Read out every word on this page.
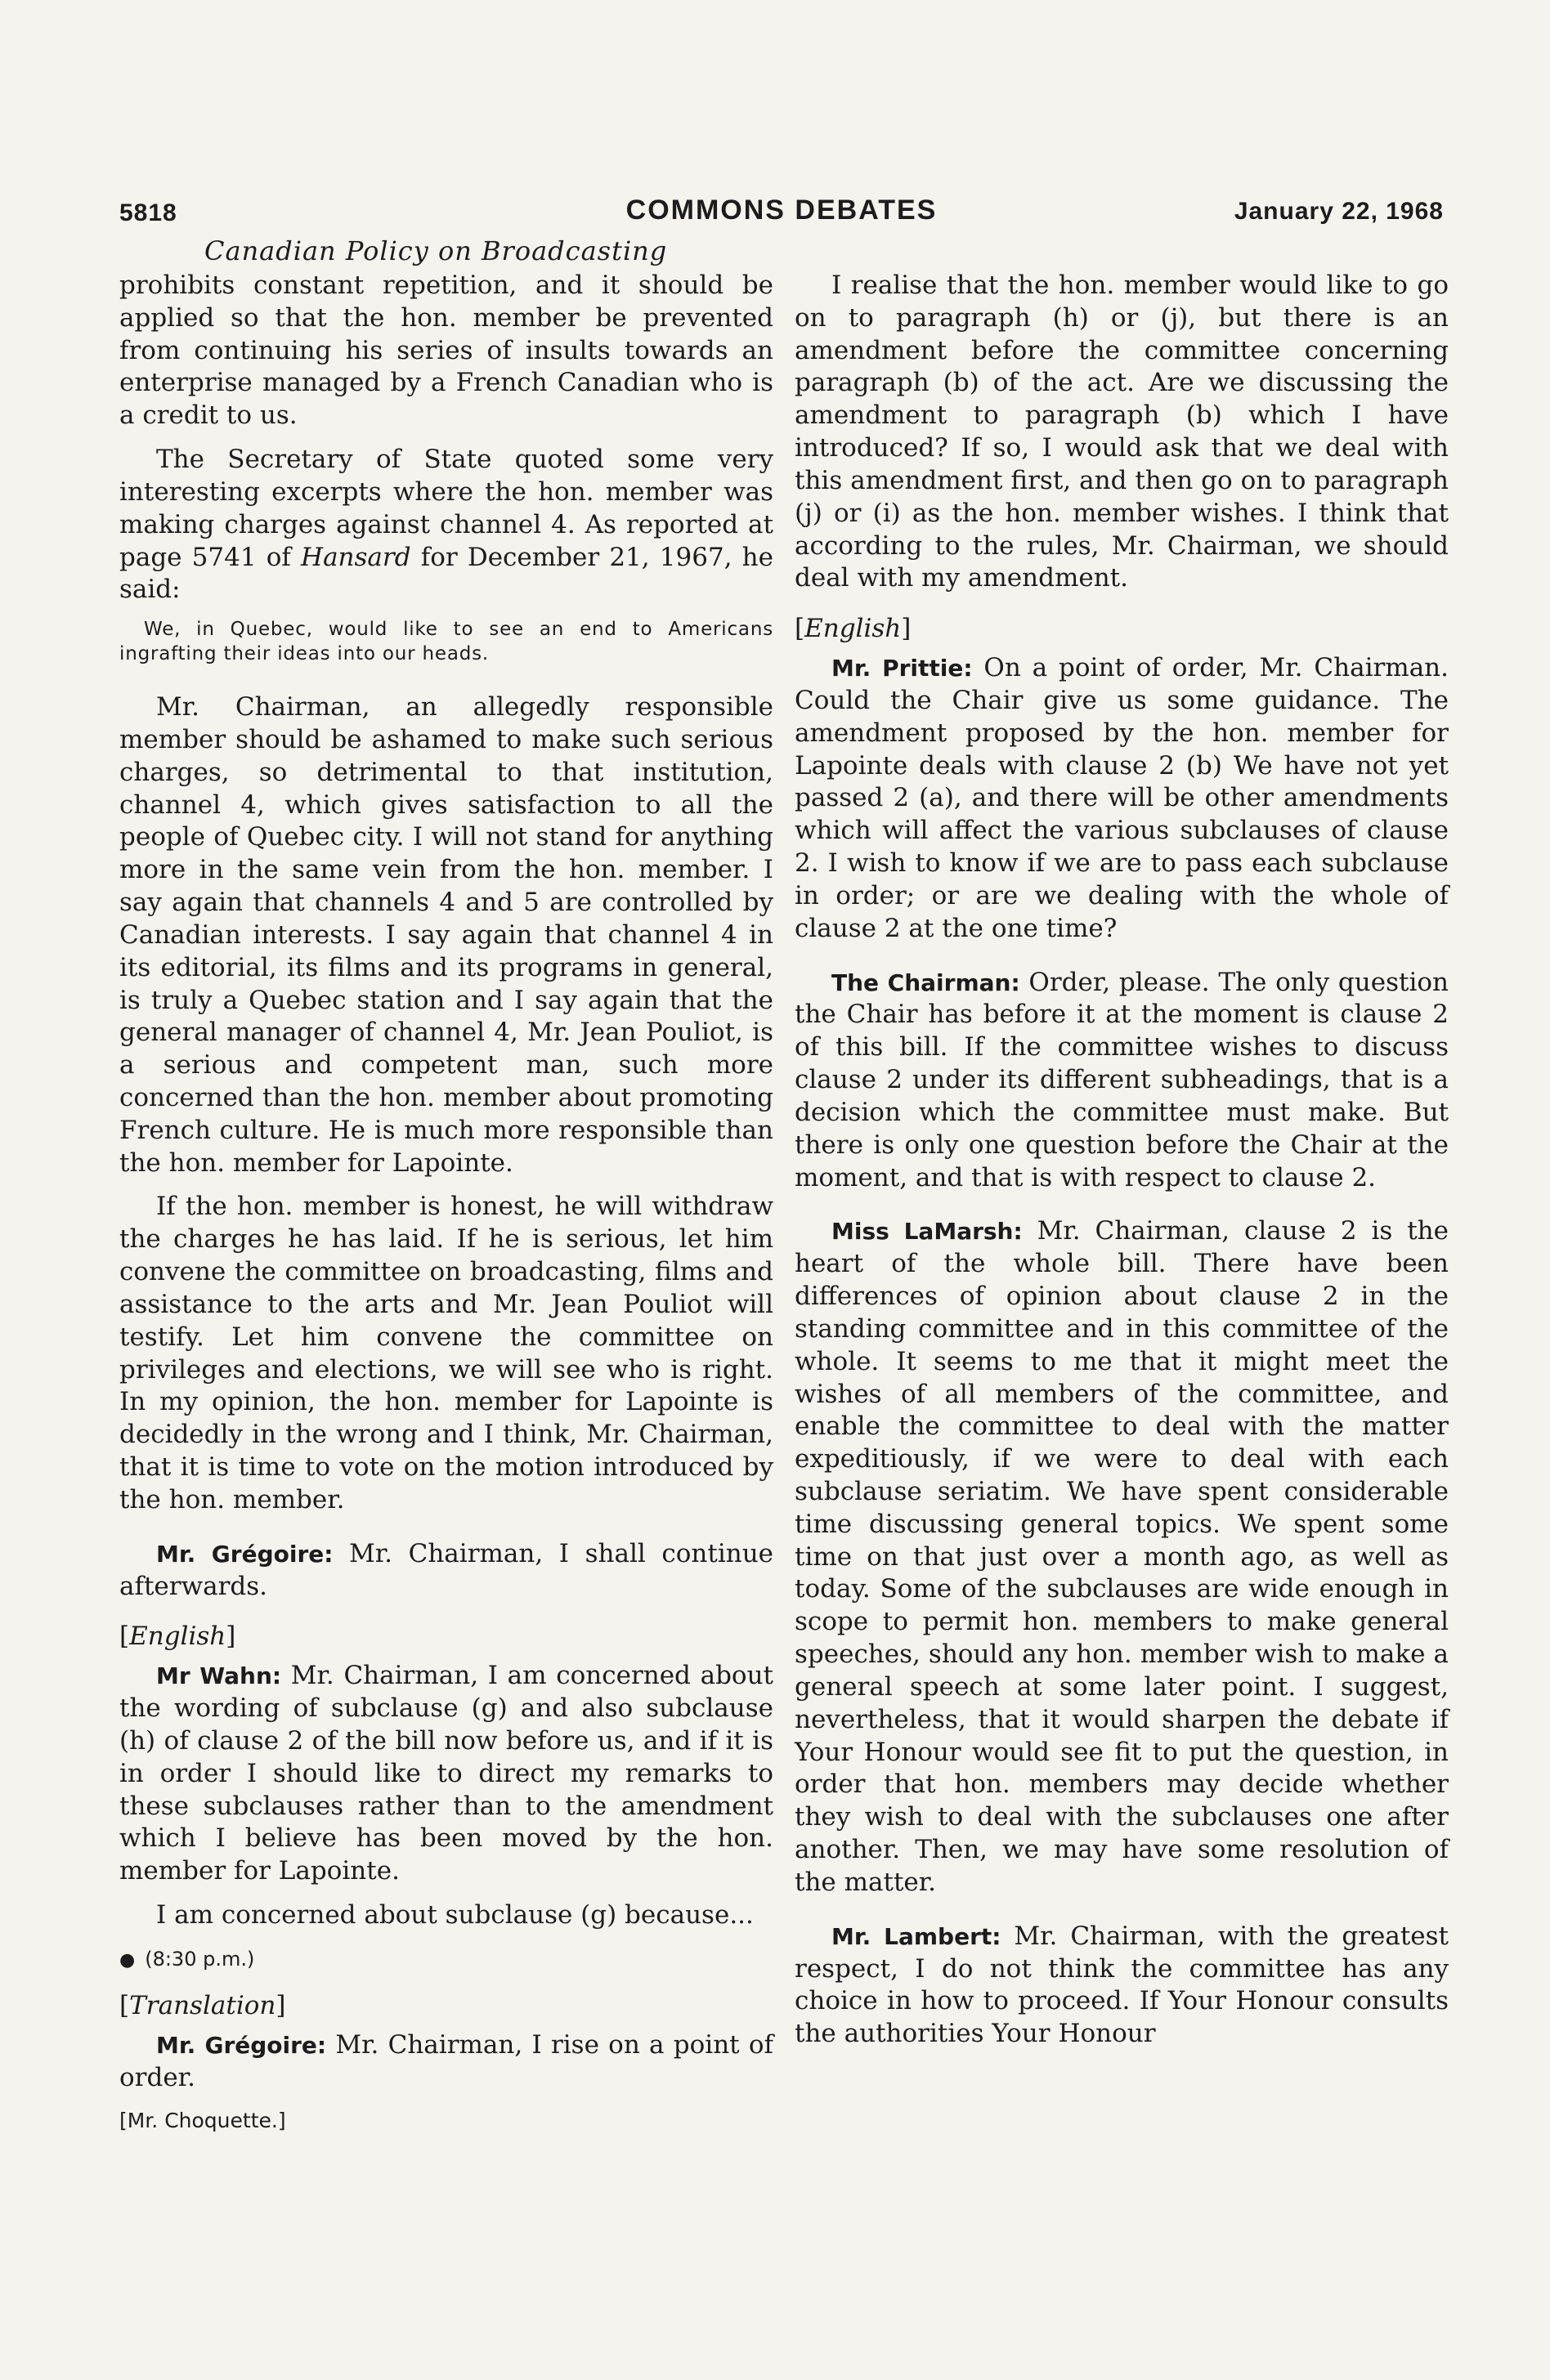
5818	COMMONS DEBATES	January 22, 1968
Canadian Policy on Broadcasting

prohibits constant repetition, and it should be applied so that the hon. member be prevented from continuing his series of insults towards an enterprise managed by a French Canadian who is a credit to us.

The Secretary of State quoted some very interesting excerpts where the hon. member was making charges against channel 4. As reported at page 5741 of Hansard for December 21, 1967, he said:

We, in Quebec, would like to see an end to Americans ingrafting their ideas into our heads.

Mr. Chairman, an allegedly responsible member should be ashamed to make such serious charges, so detrimental to that institution, channel 4, which gives satisfaction to all the people of Quebec city. I will not stand for anything more in the same vein from the hon. member. I say again that channels 4 and 5 are controlled by Canadian interests. I say again that channel 4 in its editorial, its films and its programs in general, is truly a Quebec station and I say again that the general manager of channel 4, Mr. Jean Pouliot, is a serious and competent man, such more concerned than the hon. member about promoting French culture. He is much more responsible than the hon. member for Lapointe.

If the hon. member is honest, he will withdraw the charges he has laid. If he is serious, let him convene the committee on broadcasting, films and assistance to the arts and Mr. Jean Pouliot will testify. Let him convene the committee on privileges and elections, we will see who is right. In my opinion, the hon. member for Lapointe is decidedly in the wrong and I think, Mr. Chairman, that it is time to vote on the motion introduced by the hon. member.

Mr. Grégoire: Mr. Chairman, I shall continue afterwards.

[English]

Mr Wahn: Mr. Chairman, I am concerned about the wording of subclause (g) and also subclause (h) of clause 2 of the bill now before us, and if it is in order I should like to direct my remarks to these subclauses rather than to the amendment which I believe has been moved by the hon. member for Lapointe.

I am concerned about subclause (g) because...

● (8:30 p.m.)

[Translation]

Mr. Grégoire: Mr. Chairman, I rise on a point of order.

[Mr. Choquette.]

I realise that the hon. member would like to go on to paragraph (h) or (j), but there is an amendment before the committee concerning paragraph (b) of the act. Are we discussing the amendment to paragraph (b) which I have introduced? If so, I would ask that we deal with this amendment first, and then go on to paragraph (j) or (i) as the hon. member wishes. I think that according to the rules, Mr. Chairman, we should deal with my amendment.

[English]

Mr. Prittie: On a point of order, Mr. Chairman. Could the Chair give us some guidance. The amendment proposed by the hon. member for Lapointe deals with clause 2 (b) We have not yet passed 2 (a), and there will be other amendments which will affect the various subclauses of clause 2. I wish to know if we are to pass each subclause in order; or are we dealing with the whole of clause 2 at the one time?

The Chairman: Order, please. The only question the Chair has before it at the moment is clause 2 of this bill. If the committee wishes to discuss clause 2 under its different subheadings, that is a decision which the committee must make. But there is only one question before the Chair at the moment, and that is with respect to clause 2.

Miss LaMarsh: Mr. Chairman, clause 2 is the heart of the whole bill. There have been differences of opinion about clause 2 in the standing committee and in this committee of the whole. It seems to me that it might meet the wishes of all members of the committee, and enable the committee to deal with the matter expeditiously, if we were to deal with each subclause seriatim. We have spent considerable time discussing general topics. We spent some time on that just over a month ago, as well as today. Some of the subclauses are wide enough in scope to permit hon. members to make general speeches, should any hon. member wish to make a general speech at some later point. I suggest, nevertheless, that it would sharpen the debate if Your Honour would see fit to put the question, in order that hon. members may decide whether they wish to deal with the subclauses one after another. Then, we may have some resolution of the matter.

Mr. Lambert: Mr. Chairman, with the greatest respect, I do not think the committee has any choice in how to proceed. If Your Honour consults the authorities Your Honour
